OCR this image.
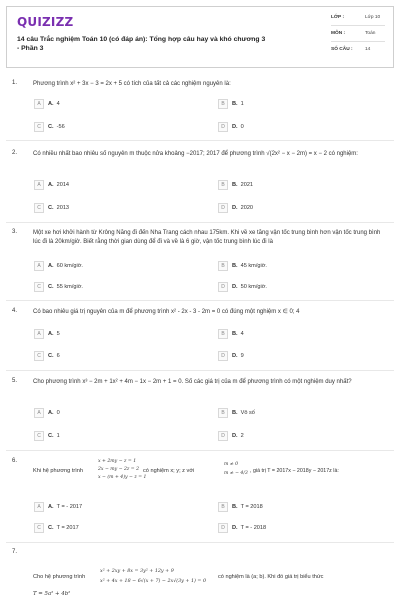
QUIZIZZ
14 câu Trắc nghiệm Toán 10 (có đáp án): Tổng hợp câu hay và khó chương 3 - Phần 3
LỚP :	Lớp 10
MÔN :	Toán
SỐ CÂU :	14
1.	Phương trình x² + 3x − 3 = 2x + 5 có tích của tất cả các nghiệm nguyên là:
A	A. 4	B	B. 1
C	C. -56	D	D. 0
2.	Có nhiều nhất bao nhiêu số nguyên m thuộc nửa khoảng −2017; 2017 để phương trình √(2x² − x − 2m) = x − 2 có nghiệm:
A	A. 2014	B	B. 2021
C	C. 2013	D	D. 2020
3.	Một xe hơi khởi hành từ Krông Năng đi đến Nha Trang cách nhau 175km. Khi về xe tăng vận tốc trung bình hơn vận tốc trung bình lúc đi là 20km/giờ. Biết rằng thời gian dùng để đi và về là 6 giờ, vận tốc trung bình lúc đi là
A	A. 60 km/giờ.	B	B. 45 km/giờ.
C	C. 55 km/giờ.	D	D. 50 km/giờ.
4.	Có bao nhiêu giá trị nguyên của m để phương trình x² - 2x - 3 - 2m = 0 có đúng một nghiệm x ∈ 0; 4
A	A. 5	B	B. 4
C	C. 6	D	D. 9
5.	Cho phương trình x³ − 2m + 1x² + 4m − 1x − 2m + 1 = 0. Số các giá trị của m để phương trình có một nghiệm duy nhất?
A	A. 0	B	B. Vô số
C	C. 1	D	D. 2
6.
Khi hệ phương trình
x + 2my − z = 1
2x − my − 2z = 2
x − (m + 4)y − z = 1
có nghiệm x; y; z với
m ≠ 0
m ≠ − 4/3 , giá trị T = 2017x − 2018y − 2017z là:
A	A. T = - 2017	B	B. T = 2018
C	C. T = 2017	D	D. T = - 2018
7.
Cho hệ phương trình
x² + 2xy + 8x = 3y² + 12y + 9
x² + 4x + 18 − 6√(x + 7) − 2x√(3y + 1) = 0
có nghiệm là (a; b). Khi đó giá trị biểu thức
T = 5a² + 4b²
